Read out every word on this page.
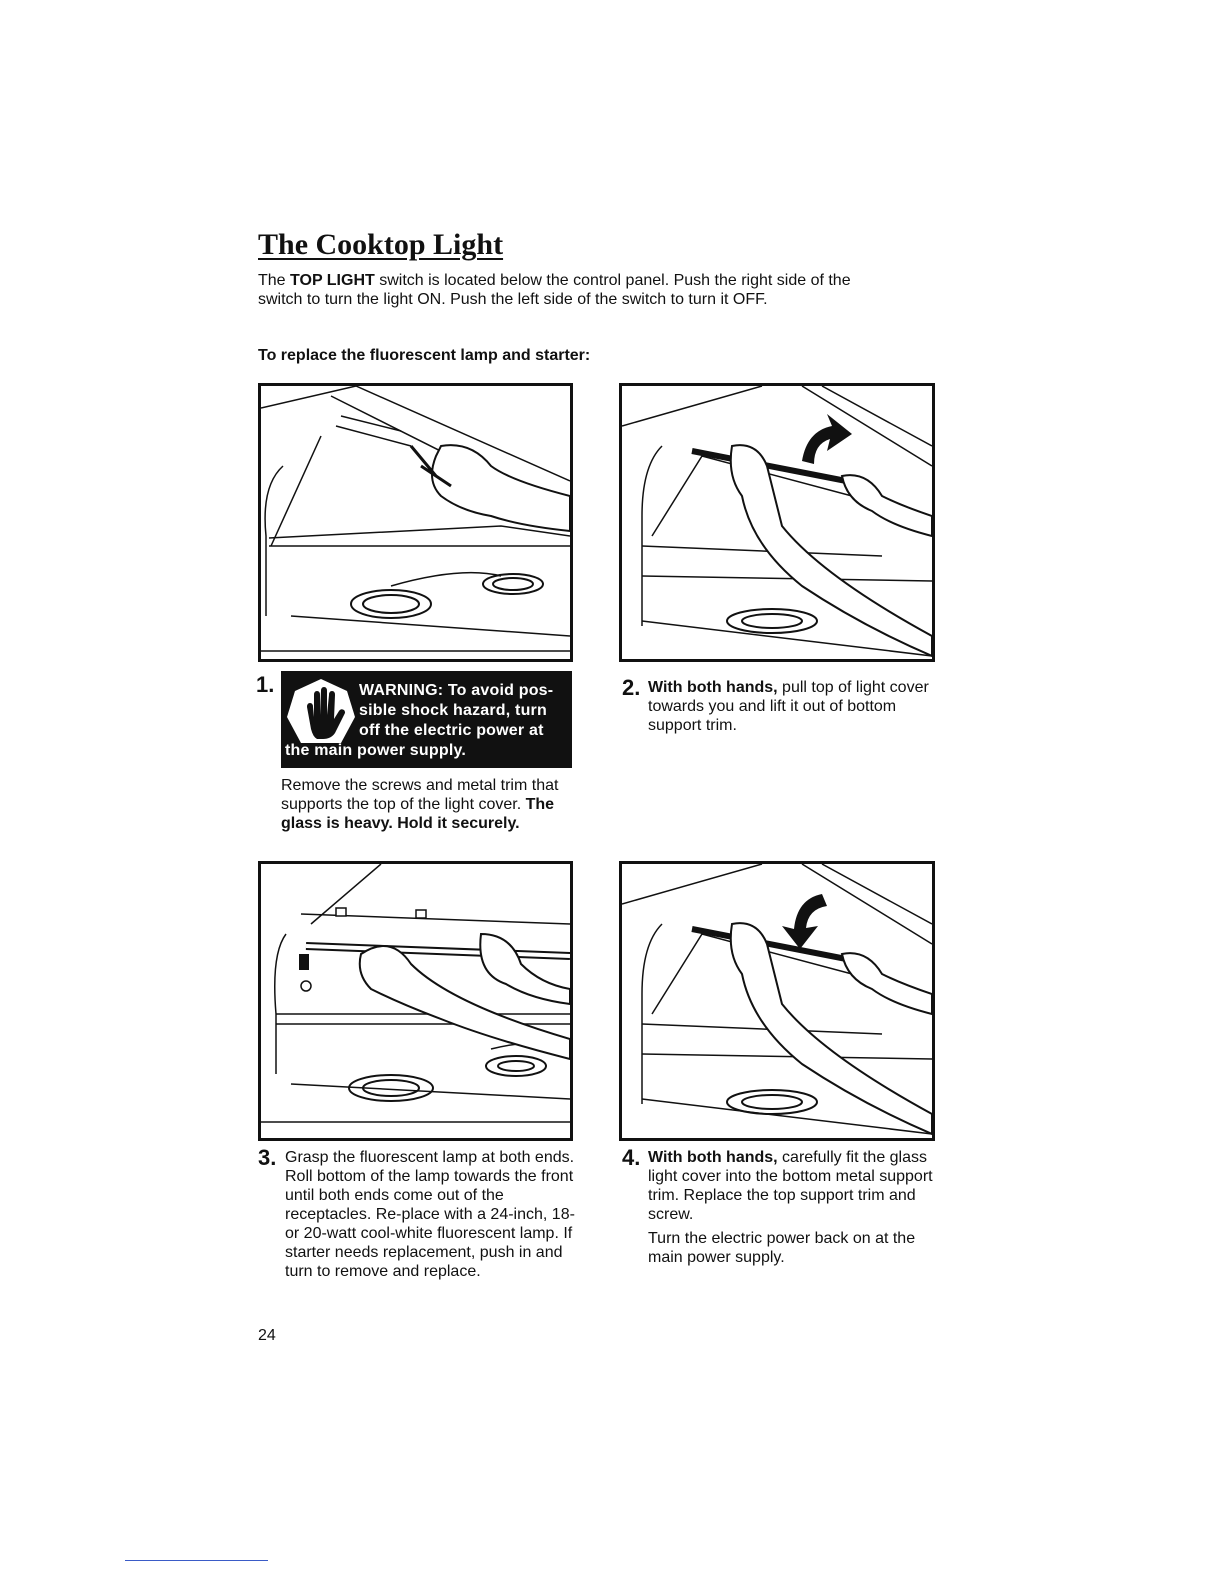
The Cooktop Light

The TOP LIGHT switch is located below the control panel. Push the right side of the switch to turn the light ON. Push the left side of the switch to turn it OFF.

To replace the fluorescent lamp and starter:

1.	WARNING: To avoid pos-
sible shock hazard, turn
off the electric power at
the main power supply.

Remove the screws and metal trim that supports the top of the light cover. The glass is heavy. Hold it securely.

2. With both hands, pull top of light cover towards you and lift it out of bottom support trim.

3. Grasp the fluorescent lamp at both ends. Roll bottom of the lamp towards the front until both ends come out of the receptacles. Re-place with a 24-inch, 18- or 20-watt cool-white fluorescent lamp. If starter needs replacement, push in and turn to remove and replace.

4. With both hands, carefully fit the glass light cover into the bottom metal support trim. Replace the top support trim and screw.

Turn the electric power back on at the main power supply.

24
